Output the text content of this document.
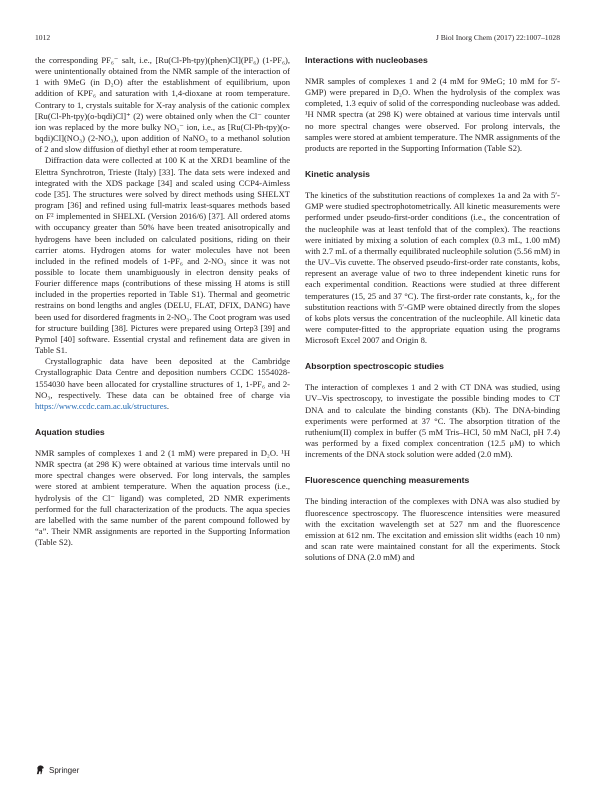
1012	J Biol Inorg Chem (2017) 22:1007–1028

the corresponding PF₆⁻ salt, i.e., [Ru(Cl-Ph-tpy)(phen)Cl](PF₆) (1-PF₆), were unintentionally obtained from the NMR sample of the interaction of 1 with 9MeG (in D₂O) after the establishment of equilibrium, upon addition of KPF₆ and saturation with 1,4-dioxane at room temperature. Contrary to 1, crystals suitable for X-ray analysis of the cationic complex [Ru(Cl-Ph-tpy)(o-bqdi)Cl]⁺ (2) were obtained only when the Cl⁻ counter ion was replaced by the more bulky NO₃⁻ ion, i.e., as [Ru(Cl-Ph-tpy)(o-bqdi)Cl](NO₃) (2-NO₃), upon addition of NaNO₃ to a methanol solution of 2 and slow diffusion of diethyl ether at room temperature.

Diffraction data were collected at 100 K at the XRD1 beamline of the Elettra Synchrotron, Trieste (Italy) [33]. The data sets were indexed and integrated with the XDS package [34] and scaled using CCP4-Aimless code [35]. The structures were solved by direct methods using SHELXT program [36] and refined using full-matrix least-squares methods based on F² implemented in SHELXL (Version 2016/6) [37]. All ordered atoms with occupancy greater than 50% have been treated anisotropically and hydrogens have been included on calculated positions, riding on their carrier atoms. Hydrogen atoms for water molecules have not been included in the refined models of 1-PF₆ and 2-NO₃ since it was not possible to locate them unambiguously in electron density peaks of Fourier difference maps (contributions of these missing H atoms is still included in the properties reported in Table S1). Thermal and geometric restrains on bond lengths and angles (DELU, FLAT, DFIX, DANG) have been used for disordered fragments in 2-NO₃. The Coot program was used for structure building [38]. Pictures were prepared using Ortep3 [39] and Pymol [40] software. Essential crystal and refinement data are given in Table S1.

Crystallographic data have been deposited at the Cambridge Crystallographic Data Centre and deposition numbers CCDC 1554028-1554030 have been allocated for crystalline structures of 1, 1-PF₆ and 2-NO₃, respectively. These data can be obtained free of charge via https://www.ccdc.cam.ac.uk/structures.

Aquation studies

NMR samples of complexes 1 and 2 (1 mM) were prepared in D₂O. ¹H NMR spectra (at 298 K) were obtained at various time intervals until no more spectral changes were observed. For long intervals, the samples were stored at ambient temperature. When the aquation process (i.e., hydrolysis of the Cl⁻ ligand) was completed, 2D NMR experiments performed for the full characterization of the products. The aqua species are labelled with the same number of the parent compound followed by “a”. Their NMR assignments are reported in the Supporting Information (Table S2).

Interactions with nucleobases

NMR samples of complexes 1 and 2 (4 mM for 9MeG; 10 mM for 5′-GMP) were prepared in D₂O. When the hydrolysis of the complex was completed, 1.3 equiv of solid of the corresponding nucleobase was added. ¹H NMR spectra (at 298 K) were obtained at various time intervals until no more spectral changes were observed. For prolong intervals, the samples were stored at ambient temperature. The NMR assignments of the products are reported in the Supporting Information (Table S2).

Kinetic analysis

The kinetics of the substitution reactions of complexes 1a and 2a with 5′-GMP were studied spectrophotometrically. All kinetic measurements were performed under pseudo-first-order conditions (i.e., the concentration of the nucleophile was at least tenfold that of the complex). The reactions were initiated by mixing a solution of each complex (0.3 mL, 1.00 mM) with 2.7 mL of a thermally equilibrated nucleophile solution (5.56 mM) in the UV–Vis cuvette. The observed pseudo-first-order rate constants, kobs, represent an average value of two to three independent kinetic runs for each experimental condition. Reactions were studied at three different temperatures (15, 25 and 37 °C). The first-order rate constants, k₂, for the substitution reactions with 5′-GMP were obtained directly from the slopes of kobs plots versus the concentration of the nucleophile. All kinetic data were computer-fitted to the appropriate equation using the programs Microsoft Excel 2007 and Origin 8.

Absorption spectroscopic studies

The interaction of complexes 1 and 2 with CT DNA was studied, using UV–Vis spectroscopy, to investigate the possible binding modes to CT DNA and to calculate the binding constants (Kb). The DNA-binding experiments were performed at 37 °C. The absorption titration of the ruthenium(II) complex in buffer (5 mM Tris–HCl, 50 mM NaCl, pH 7.4) was performed by a fixed complex concentration (12.5 μM) to which increments of the DNA stock solution were added (2.0 mM).

Fluorescence quenching measurements

The binding interaction of the complexes with DNA was also studied by fluorescence spectroscopy. The fluorescence intensities were measured with the excitation wavelength set at 527 nm and the fluorescence emission at 612 nm. The excitation and emission slit widths (each 10 nm) and scan rate were maintained constant for all the experiments. Stock solutions of DNA (2.0 mM) and

Springer
